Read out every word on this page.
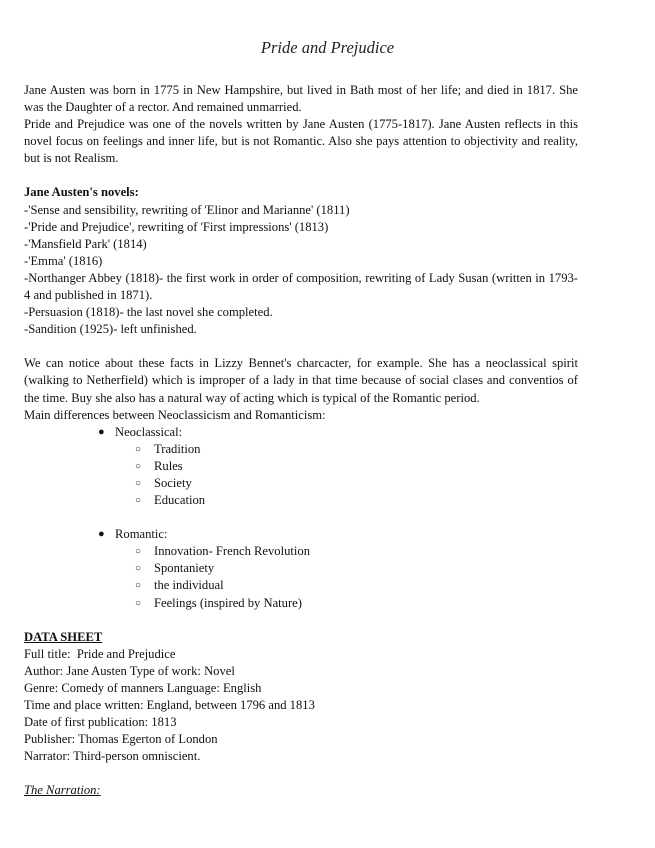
Pride and Prejudice

Jane Austen was born in 1775 in New Hampshire, but lived in Bath most of her life; and died in 1817. She was the Daughter of a rector. And remained unmarried.

Pride and Prejudice was one of the novels written by Jane Austen (1775-1817). Jane Austen reflects in this novel focus on feelings and inner life, but is not Romantic. Also she pays attention to objectivity and reality, but is not Realism.

Jane Austen's novels:

-'Sense and sensibility, rewriting of 'Elinor and Marianne' (1811)

-'Pride and Prejudice', rewriting of 'First impressions' (1813)

-'Mansfield Park' (1814)

-'Emma' (1816)

-Northanger Abbey (1818)- the first work in order of composition, rewriting of Lady Susan (written in 1793-4 and published in 1871).

-Persuasion (1818)- the last novel she completed.

-Sandition (1925)- left unfinished.

We can notice about these facts in Lizzy Bennet's charcacter, for example. She has a neoclassical spirit (walking to Netherfield) which is improper of a lady in that time because of social clases and conventios of the time. Buy she also has a natural way of acting which is typical of the Romantic period.

Main differences between Neoclassicism and Romanticism:

● Neoclassical:
○ Tradition
○ Rules
○ Society
○ Education
● Romantic:
○ Innovation- French Revolution
○ Spontaniety
○ the individual
○ Feelings (inspired by Nature)

DATA SHEET

Full title:  Pride and Prejudice

Author: Jane Austen Type of work: Novel

Genre: Comedy of manners Language: English

Time and place written: England, between 1796 and 1813

Date of first publication: 1813

Publisher: Thomas Egerton of London

Narrator: Third-person omniscient.

The Narration:
